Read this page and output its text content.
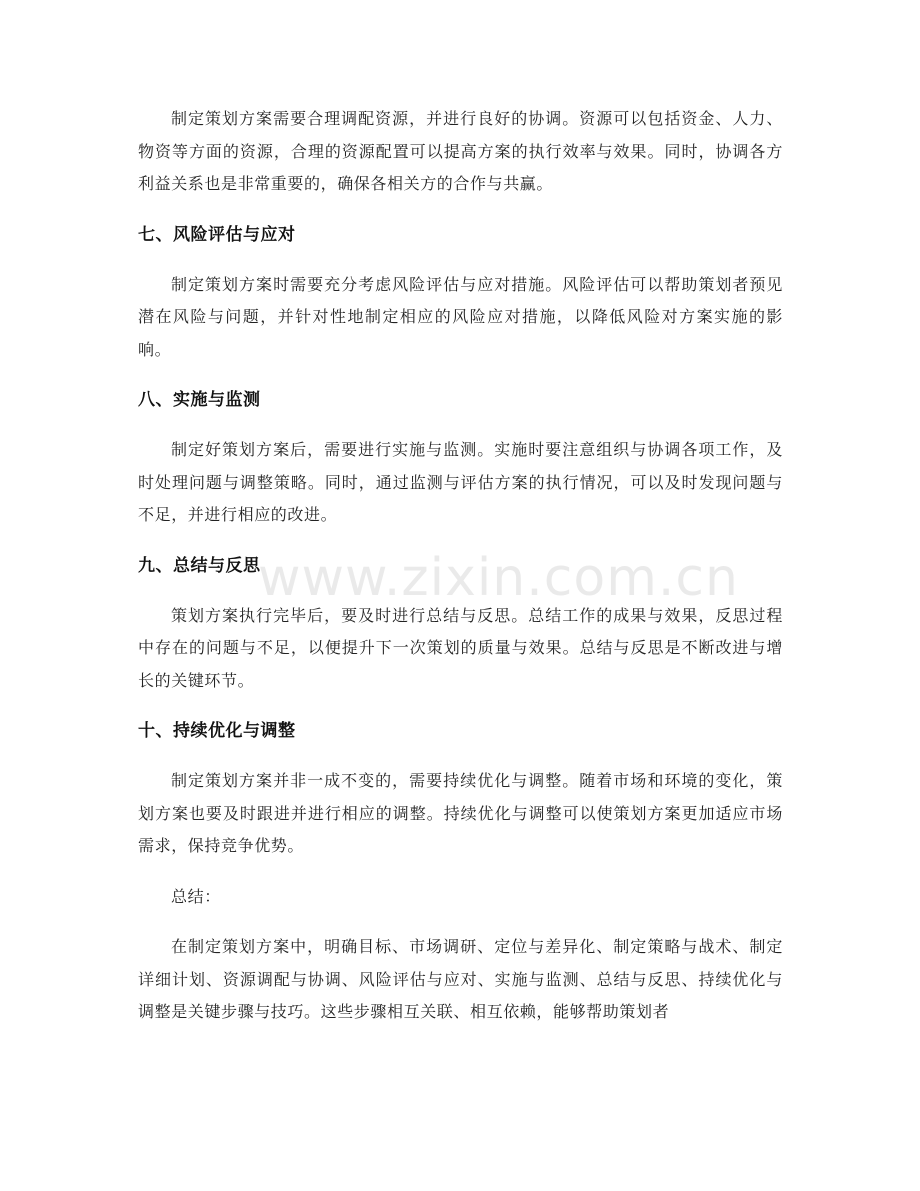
制定策划方案需要合理调配资源，并进行良好的协调。资源可以包括资金、人力、物资等方面的资源，合理的资源配置可以提高方案的执行效率与效果。同时，协调各方利益关系也是非常重要的，确保各相关方的合作与共赢。

七、风险评估与应对

制定策划方案时需要充分考虑风险评估与应对措施。风险评估可以帮助策划者预见潜在风险与问题，并针对性地制定相应的风险应对措施，以降低风险对方案实施的影响。

八、实施与监测

制定好策划方案后，需要进行实施与监测。实施时要注意组织与协调各项工作，及时处理问题与调整策略。同时，通过监测与评估方案的执行情况，可以及时发现问题与不足，并进行相应的改进。

九、总结与反思

策划方案执行完毕后，要及时进行总结与反思。总结工作的成果与效果，反思过程中存在的问题与不足，以便提升下一次策划的质量与效果。总结与反思是不断改进与增长的关键环节。

十、持续优化与调整

制定策划方案并非一成不变的，需要持续优化与调整。随着市场和环境的变化，策划方案也要及时跟进并进行相应的调整。持续优化与调整可以使策划方案更加适应市场需求，保持竞争优势。

总结：

在制定策划方案中，明确目标、市场调研、定位与差异化、制定策略与战术、制定详细计划、资源调配与协调、风险评估与应对、实施与监测、总结与反思、持续优化与调整是关键步骤与技巧。这些步骤相互关联、相互依赖，能够帮助策划者

www.zixin.com.cn
